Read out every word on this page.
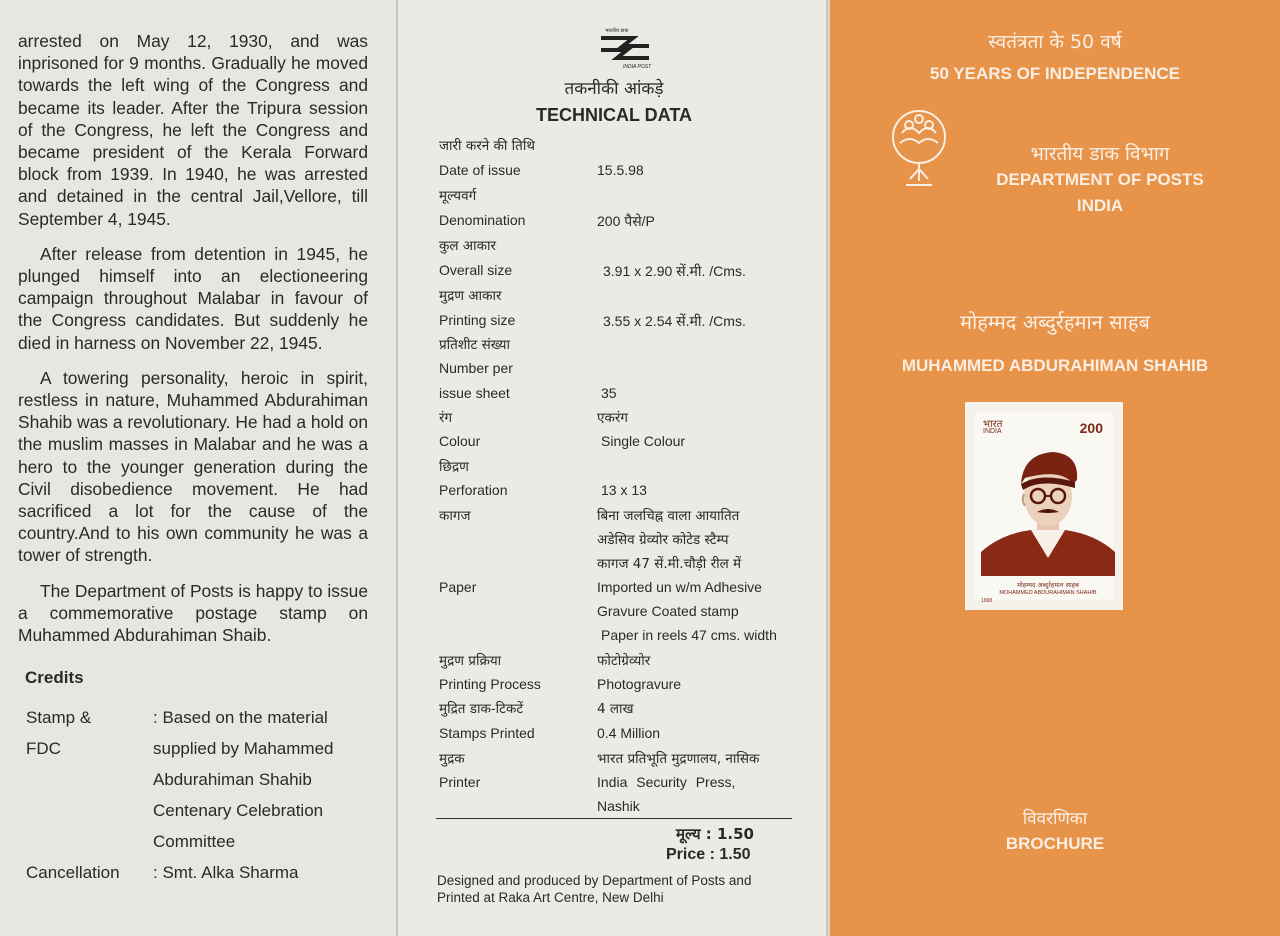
arrested on May 12, 1930, and was inprisoned for 9 months. Gradually he moved towards the left wing of the Congress and became its leader. After the Tripura session of the Congress, he left the Congress and became president of the Kerala Forward block from 1939. In 1940, he was arrested and detained in the central Jail,Vellore, till September 4, 1945.

After release from detention in 1945, he plunged himself into an electioneering campaign throughout Malabar in favour of the Congress candidates. But suddenly he died in harness on November 22, 1945.

A towering personality, heroic in spirit, restless in nature, Muhammed Abdurahiman Shahib was a revolutionary. He had a hold on the muslim masses in Malabar and he was a hero to the younger generation during the Civil disobedience movement. He had sacrificed a lot for the cause of the country.And to his own community he was a tower of strength.

The Department of Posts is happy to issue a commemorative postage stamp on Muhammed Abdurahiman Shaib.

Credits
Stamp &	: Based on the material
FDC	supplied by Mahammed
Abdurahiman Shahib
Centenary Celebration
Committee
Cancellation : Smt. Alka Sharma
भारतीय डाक
INDIA POST
तकनीकी आंकड़े
TECHNICAL DATA
जारी करने की तिथि
Date of issue	15.5.98
मूल्यवर्ग
Denomination	200 पैसे/P
कुल आकार
Overall size	3.91 x 2.90 सें.मी. /Cms.
मुद्रण आकार
Printing size	3.55 x 2.54 सें.मी. /Cms.
प्रतिशीट संख्या
Number per
issue sheet	35
रंग	एकरंग
Colour	Single Colour
छिद्रण
Perforation	13 x 13
कागज	बिना जलचिह्न वाला आयातित
अडेसिव ग्रेव्योर कोटेड स्टैम्प
कागज 47 सें.मी.चौड़ी रील में
Paper	Imported un w/m Adhesive
Gravure Coated stamp
Paper in reels 47 cms. width
मुद्रण प्रक्रिया	फोटोग्रेव्योर
Printing Process	Photogravure
मुद्रित डाक-टिकटें	4 लाख
Stamps Printed	0.4 Million
मुद्रक	भारत प्रतिभूति मुद्रणालय, नासिक
Printer	India Security Press,
Nashik
मूल्य : 1.50
Price : 1.50
Designed and produced by Department of Posts and
Printed at Raka Art Centre, New Delhi
स्वतंत्रता के 50 वर्ष
50 YEARS OF INDEPENDENCE
भारतीय डाक विभाग
DEPARTMENT OF POSTS
INDIA
मोहम्मद अब्दुर्रहमान साहब
MUHAMMED ABDURAHIMAN SHAHIB
भारत
INDIA	200
मोहम्मद अब्दुर्रहमान साहब
MOHAMMED ABDURAHIMAN SHAHIB
1998
विवरणिका
BROCHURE
